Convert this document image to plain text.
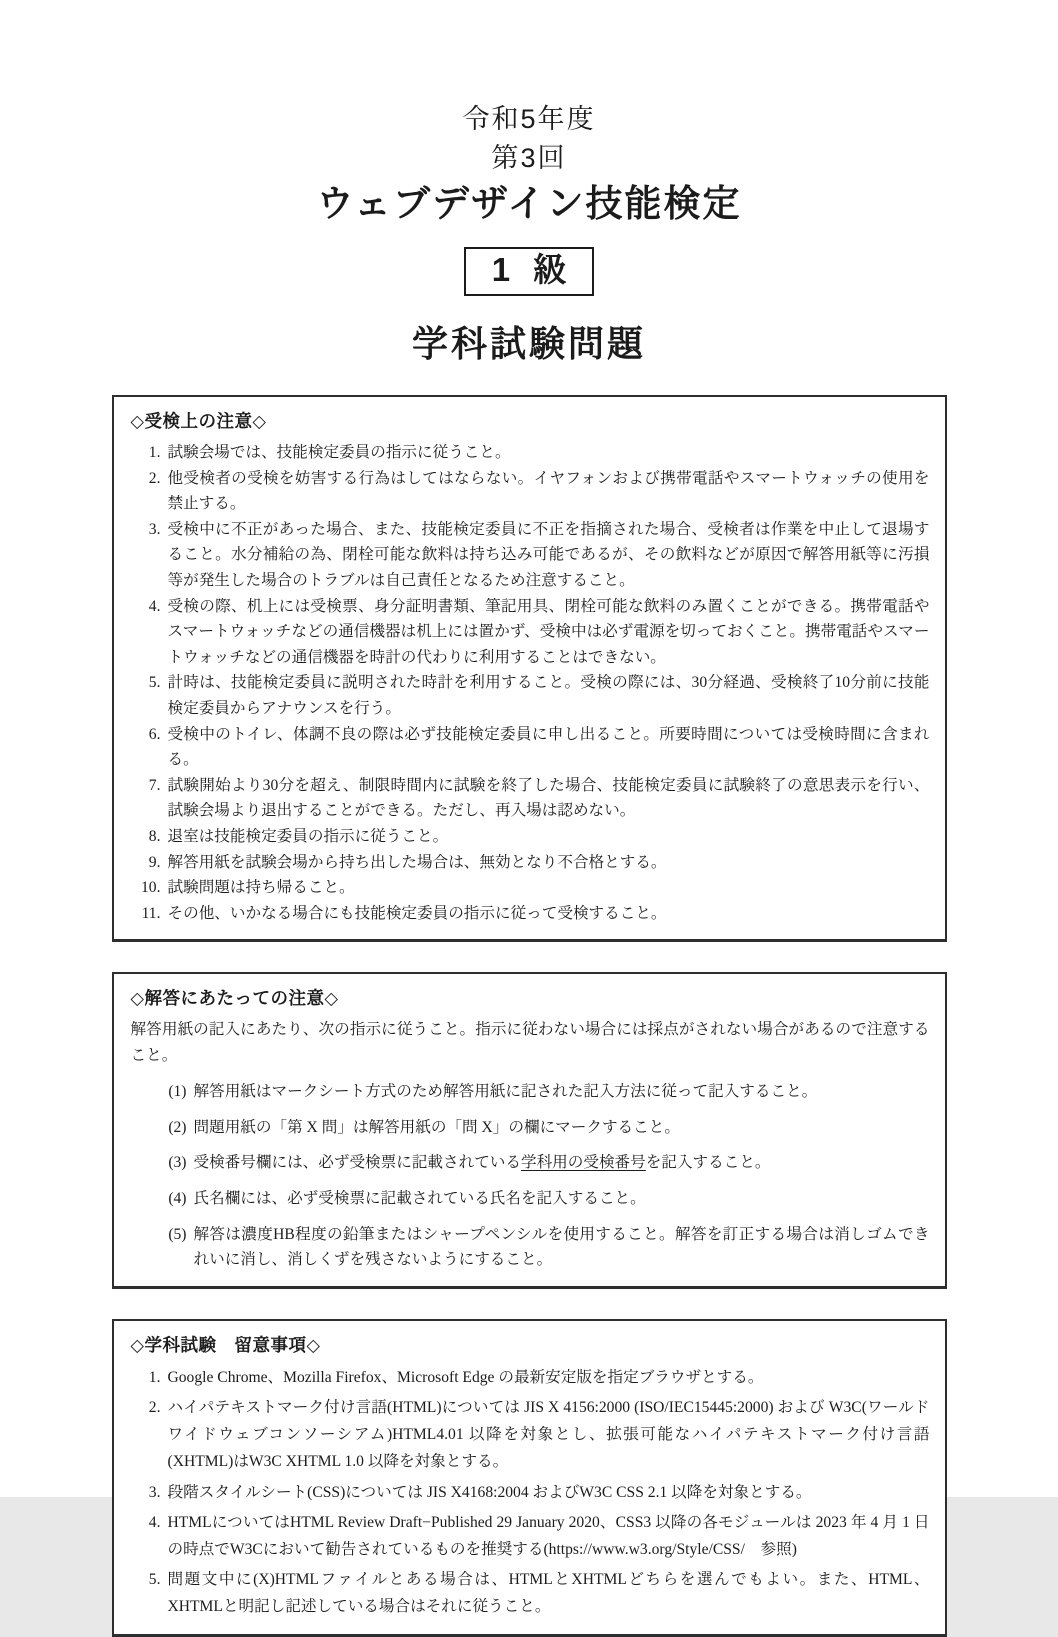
令和5年度
第3回
ウェブデザイン技能検定
1 級
学科試験問題
◇受検上の注意◇
1. 試験会場では、技能検定委員の指示に従うこと。
2. 他受検者の受検を妨害する行為はしてはならない。イヤフォンおよび携帯電話やスマートウォッチの使用を禁止する。
3. 受検中に不正があった場合、また、技能検定委員に不正を指摘された場合、受検者は作業を中止して退場すること。水分補給の為、閉栓可能な飲料は持ち込み可能であるが、その飲料などが原因で解答用紙等に汚損等が発生した場合のトラブルは自己責任となるため注意すること。
4. 受検の際、机上には受検票、身分証明書類、筆記用具、閉栓可能な飲料のみ置くことができる。携帯電話やスマートウォッチなどの通信機器は机上には置かず、受検中は必ず電源を切っておくこと。携帯電話やスマートウォッチなどの通信機器を時計の代わりに利用することはできない。
5. 計時は、技能検定委員に説明された時計を利用すること。受検の際には、30分経過、受検終了10分前に技能検定委員からアナウンスを行う。
6. 受検中のトイレ、体調不良の際は必ず技能検定委員に申し出ること。所要時間については受検時間に含まれる。
7. 試験開始より30分を超え、制限時間内に試験を終了した場合、技能検定委員に試験終了の意思表示を行い、試験会場より退出することができる。ただし、再入場は認めない。
8. 退室は技能検定委員の指示に従うこと。
9. 解答用紙を試験会場から持ち出した場合は、無効となり不合格とする。
10. 試験問題は持ち帰ること。
11. その他、いかなる場合にも技能検定委員の指示に従って受検すること。
◇解答にあたっての注意◇

解答用紙の記入にあたり、次の指示に従うこと。指示に従わない場合には採点がされない場合があるので注意すること。

(1) 解答用紙はマークシート方式のため解答用紙に記された記入方法に従って記入すること。
(2) 問題用紙の「第 X 問」は解答用紙の「問 X」の欄にマークすること。
(3) 受検番号欄には、必ず受検票に記載されている学科用の受検番号を記入すること。
(4) 氏名欄には、必ず受検票に記載されている氏名を記入すること。
(5) 解答は濃度HB程度の鉛筆またはシャープペンシルを使用すること。解答を訂正する場合は消しゴムできれいに消し、消しくずを残さないようにすること。
◇学科試験　留意事項◇
1. Google Chrome、Mozilla Firefox、Microsoft Edge の最新安定版を指定ブラウザとする。
2. ハイパテキストマーク付け言語(HTML)については JIS X 4156:2000 (ISO/IEC15445:2000) および W3C(ワールドワイドウェブコンソーシアム)HTML4.01 以降を対象とし、拡張可能なハイパテキストマーク付け言語(XHTML)はW3C XHTML 1.0 以降を対象とする。
3. 段階スタイルシート(CSS)については JIS X4168:2004 およびW3C CSS 2.1 以降を対象とする。
4. HTMLについてはHTML Review Draft−Published 29 January 2020、CSS3 以降の各モジュールは 2023 年 4 月 1 日の時点でW3Cにおいて勧告されているものを推奨する(https://www.w3.org/Style/CSS/　参照)
5. 問題文中に(X)HTMLファイルとある場合は、HTMLとXHTMLどちらを選んでもよい。また、HTML、XHTMLと明記し記述している場合はそれに従うこと。
